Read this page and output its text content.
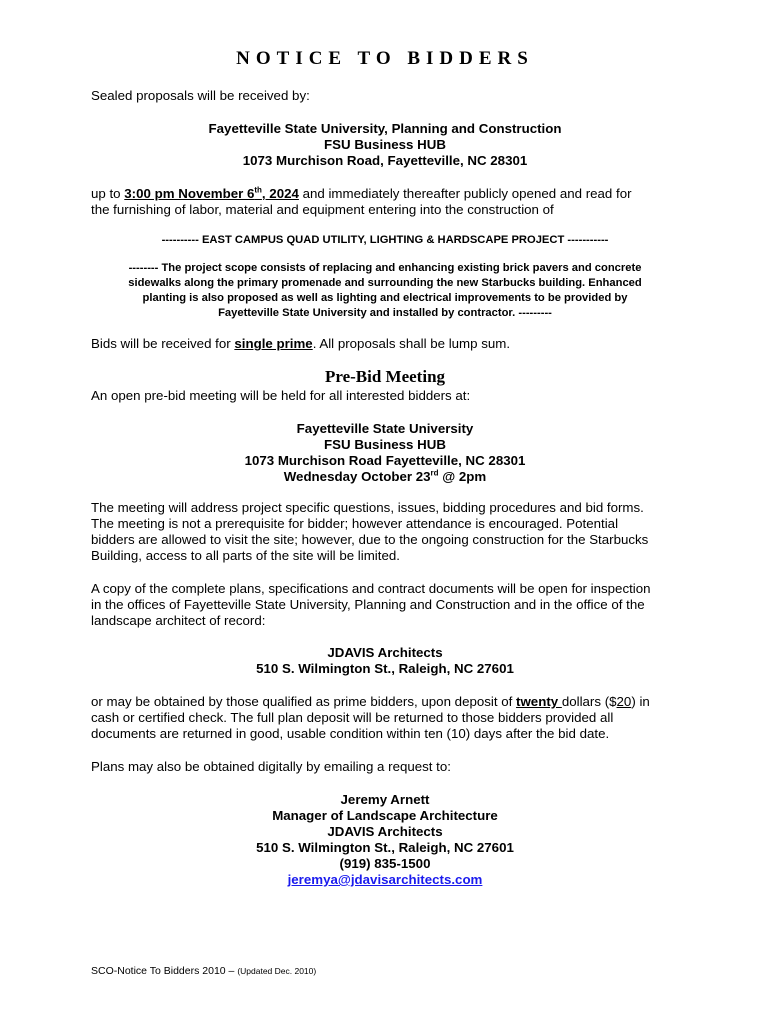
NOTICE TO BIDDERS
Sealed proposals will be received by:
Fayetteville State University, Planning and Construction
FSU Business HUB
1073 Murchison Road, Fayetteville, NC 28301
up to 3:00 pm November 6th, 2024 and immediately thereafter publicly opened and read for
the furnishing of labor, material and equipment entering into the construction of
---------- EAST CAMPUS QUAD UTILITY, LIGHTING & HARDSCAPE PROJECT -----------
-------- The project scope consists of replacing and enhancing existing brick pavers and concrete
sidewalks along the primary promenade and surrounding the new Starbucks building. Enhanced
planting is also proposed as well as lighting and electrical improvements to be provided by
Fayetteville State University and installed by contractor. ---------
Bids will be received for single prime. All proposals shall be lump sum.
Pre-Bid Meeting
An open pre-bid meeting will be held for all interested bidders at:
Fayetteville State University
FSU Business HUB
1073 Murchison Road Fayetteville, NC 28301
Wednesday October 23rd @ 2pm
The meeting will address project specific questions, issues, bidding procedures and bid forms.
The meeting is not a prerequisite for bidder; however attendance is encouraged. Potential
bidders are allowed to visit the site; however, due to the ongoing construction for the Starbucks
Building, access to all parts of the site will be limited.
A copy of the complete plans, specifications and contract documents will be open for inspection
in the offices of Fayetteville State University, Planning and Construction and in the office of the
landscape architect of record:
JDAVIS Architects
510 S. Wilmington St., Raleigh, NC 27601
or may be obtained by those qualified as prime bidders, upon deposit of twenty dollars ($20) in
cash or certified check. The full plan deposit will be returned to those bidders provided all
documents are returned in good, usable condition within ten (10) days after the bid date.
Plans may also be obtained digitally by emailing a request to:
Jeremy Arnett
Manager of Landscape Architecture
JDAVIS Architects
510 S. Wilmington St., Raleigh, NC 27601
(919) 835-1500
jeremya@jdavisarchitects.com
SCO-Notice To Bidders 2010 – (Updated Dec. 2010)
